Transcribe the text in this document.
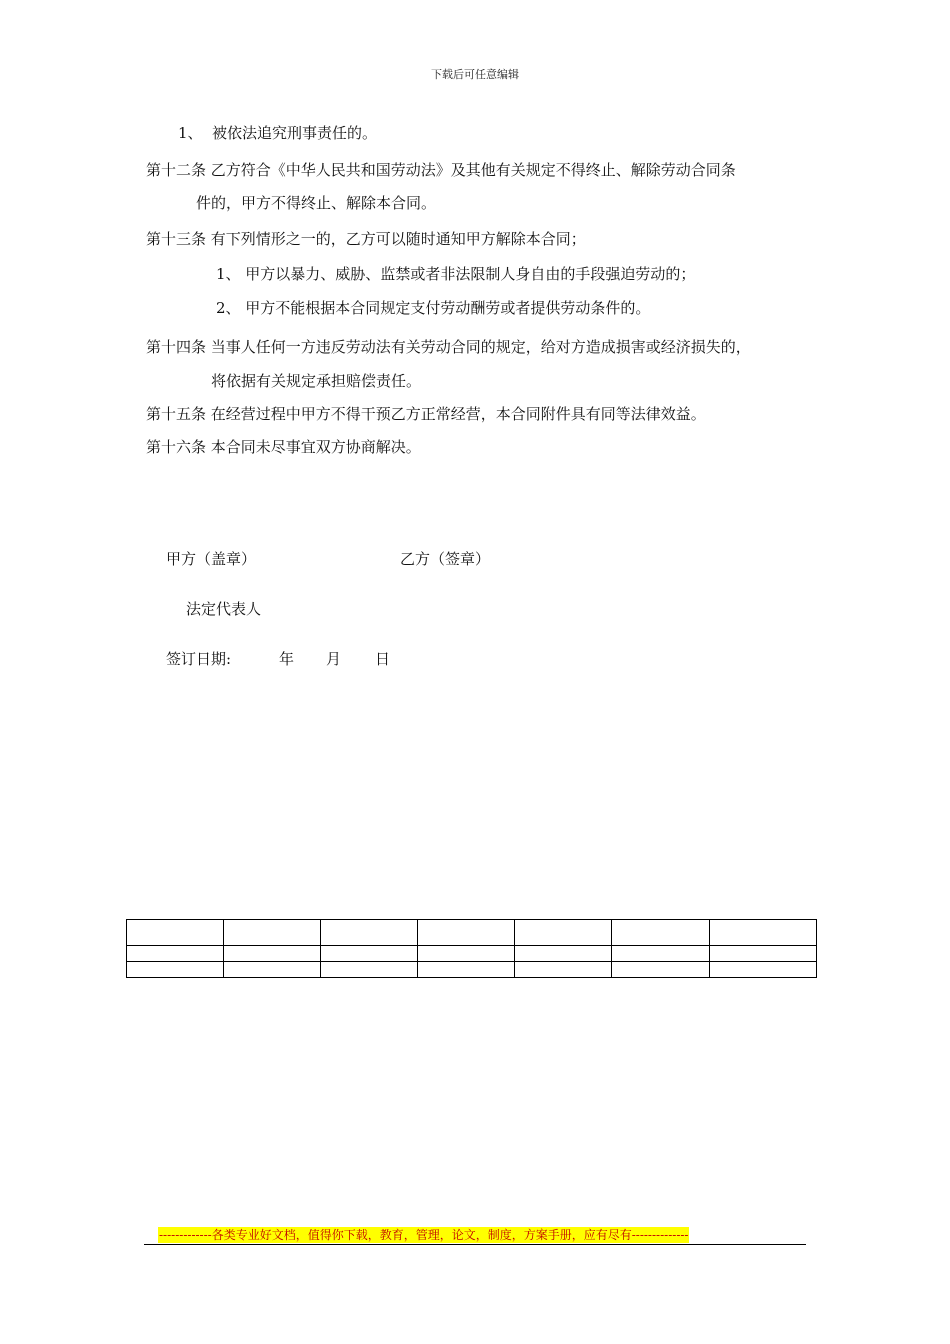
下载后可任意编辑
1、 被依法追究刑事责任的。
第十二条 乙方符合《中华人民共和国劳动法》及其他有关规定不得终止、解除劳动合同条
件的，甲方不得终止、解除本合同。
第十三条 有下列情形之一的，乙方可以随时通知甲方解除本合同；
1、 甲方以暴力、威胁、监禁或者非法限制人身自由的手段强迫劳动的；
2、 甲方不能根据本合同规定支付劳动酬劳或者提供劳动条件的。
第十四条 当事人任何一方违反劳动法有关劳动合同的规定，给对方造成损害或经济损失的，
将依据有关规定承担赔偿责任。
第十五条 在经营过程中甲方不得干预乙方正常经营，本合同附件具有同等法律效益。
第十六条 本合同未尽事宜双方协商解决。
甲方（盖章）	乙方（签章）
法定代表人
签订日期:	年 月 日

-------------各类专业好文档，值得你下载，教育，管理，论文，制度，方案手册，应有尽有--------------
